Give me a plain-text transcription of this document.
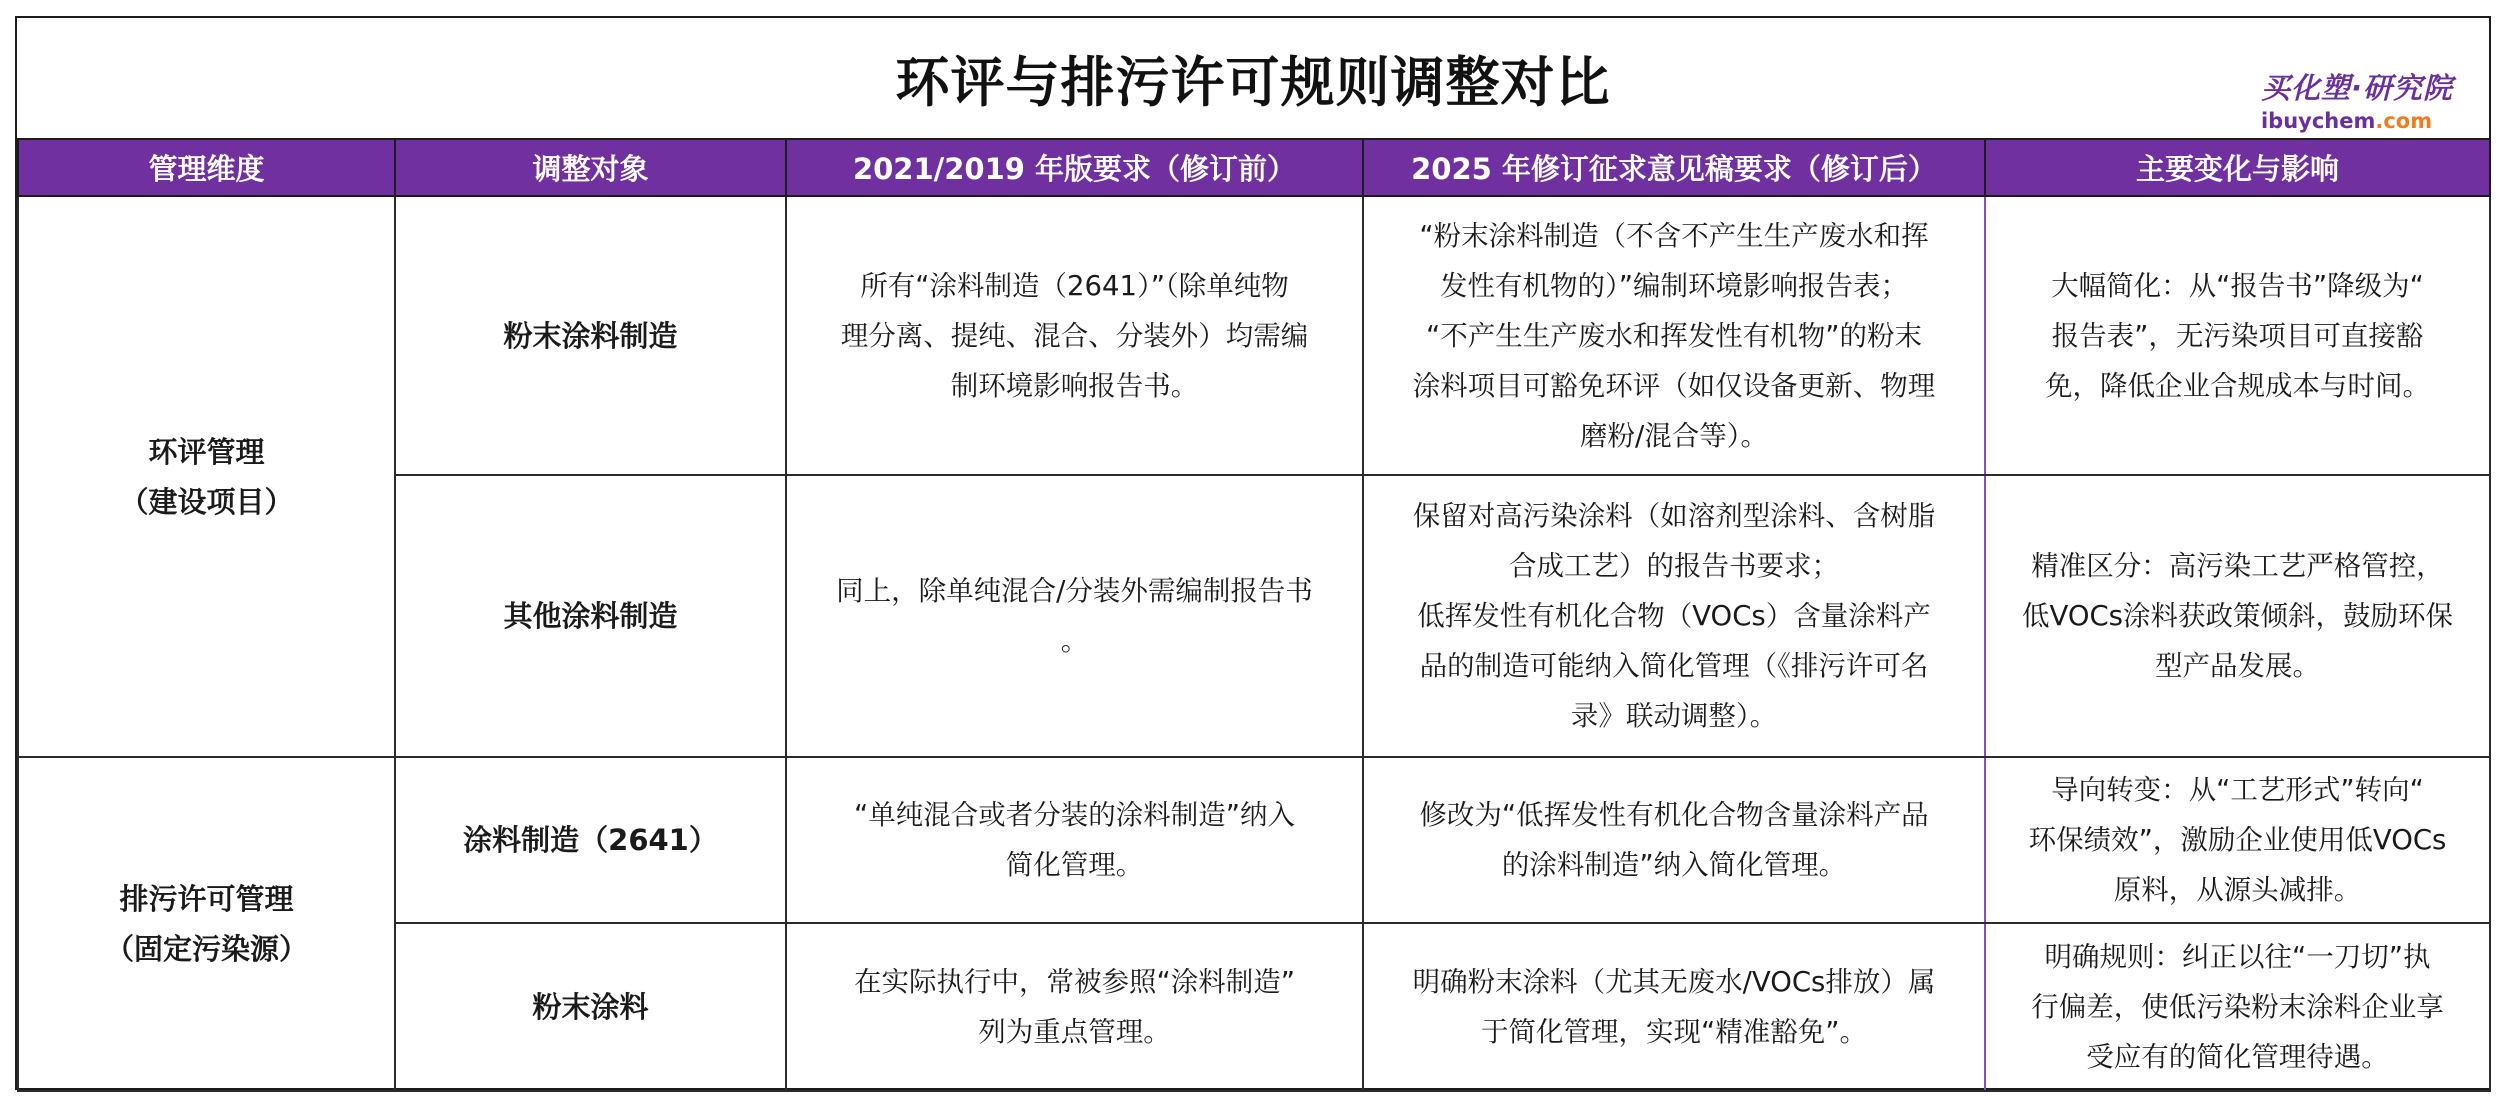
环评与排污许可规则调整对比	买化塑·研究院
ibuychem.com
管理维度	调整对象	2021/2019 年版要求（修订前）	2025 年修订征求意见稿要求（修订后）	主要变化与影响

环评管理
（建设项目）	粉末涂料制造	所有“涂料制造（2641）”（除单纯物
理分离、提纯、混合、分装外）均需编
制环境影响报告书。	“粉末涂料制造（不含不产生生产废水和挥
发性有机物的）”编制环境影响报告表；
“不产生生产废水和挥发性有机物”的粉末
涂料项目可豁免环评（如仅设备更新、物理
磨粉/混合等）。	大幅简化：从“报告书”降级为“
报告表”，无污染项目可直接豁
免，降低企业合规成本与时间。

	其他涂料制造	同上，除单纯混合/分装外需编制报告书
。	保留对高污染涂料（如溶剂型涂料、含树脂
合成工艺）的报告书要求；
低挥发性有机化合物（VOCs）含量涂料产
品的制造可能纳入简化管理（《排污许可名
录》联动调整）。	精准区分：高污染工艺严格管控，
低VOCs涂料获政策倾斜，鼓励环保
型产品发展。

排污许可管理
（固定污染源）	涂料制造（2641）	“单纯混合或者分装的涂料制造”纳入
简化管理。	修改为“低挥发性有机化合物含量涂料产品
的涂料制造”纳入简化管理。	导向转变：从“工艺形式”转向“
环保绩效”，激励企业使用低VOCs
原料，从源头减排。

	粉末涂料	在实际执行中，常被参照“涂料制造”
列为重点管理。	明确粉末涂料（尤其无废水/VOCs排放）属
于简化管理，实现“精准豁免”。	明确规则：纠正以往“一刀切”执
行偏差，使低污染粉末涂料企业享
受应有的简化管理待遇。
